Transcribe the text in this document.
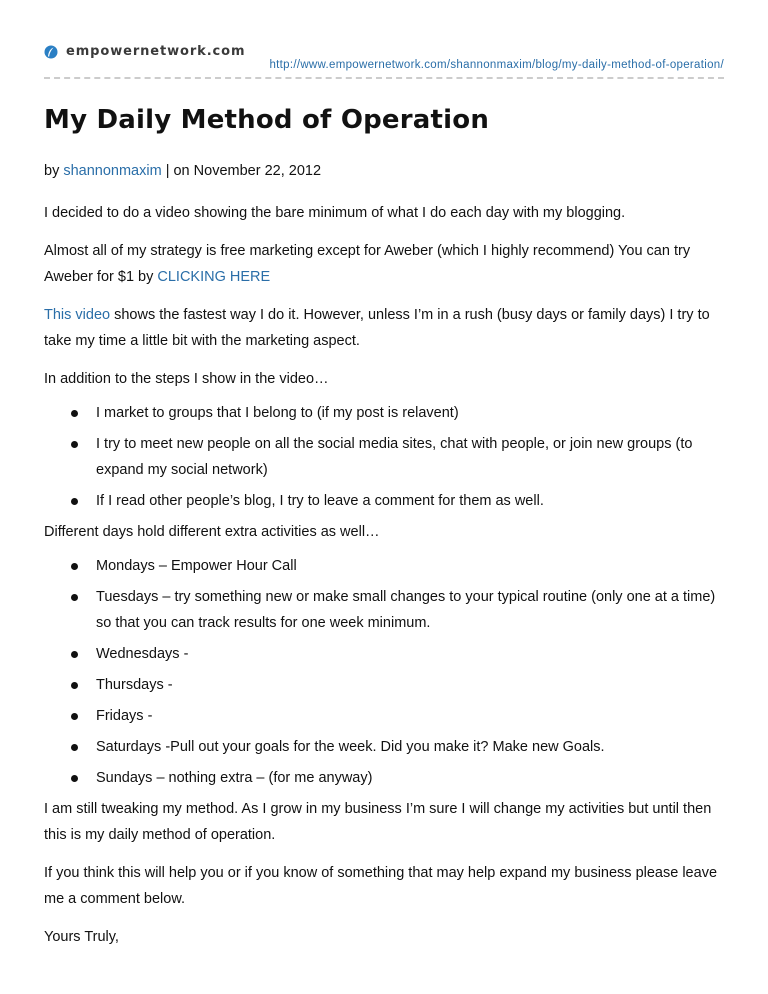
empowernetwork.com
http://www.empowernetwork.com/shannonmaxim/blog/my-daily-method-of-operation/
My Daily Method of Operation

by shannonmaxim | on November 22, 2012

I decided to do a video showing the bare minimum of what I do each day with my blogging.

Almost all of my strategy is free marketing except for Aweber (which I highly recommend) You can try Aweber for $1 by CLICKING HERE

This video shows the fastest way I do it. However, unless I’m in a rush (busy days or family days) I try to take my time a little bit with the marketing aspect.

In addition to the steps I show in the video…

I market to groups that I belong to (if my post is relavent)
I try to meet new people on all the social media sites, chat with people, or join new groups (to expand my social network)
If I read other people’s blog, I try to leave a comment for them as well.

Different days hold different extra activities as well…

Mondays – Empower Hour Call
Tuesdays – try something new or make small changes to your typical routine (only one at a time) so that you can track results for one week minimum.
Wednesdays -
Thursdays -
Fridays -
Saturdays -Pull out your goals for the week. Did you make it? Make new Goals.
Sundays – nothing extra – (for me anyway)

I am still tweaking my method. As I grow in my business I’m sure I will change my activities but until then this is my daily method of operation.

If you think this will help you or if you know of something that may help expand my business please leave me a comment below.

Yours Truly,
